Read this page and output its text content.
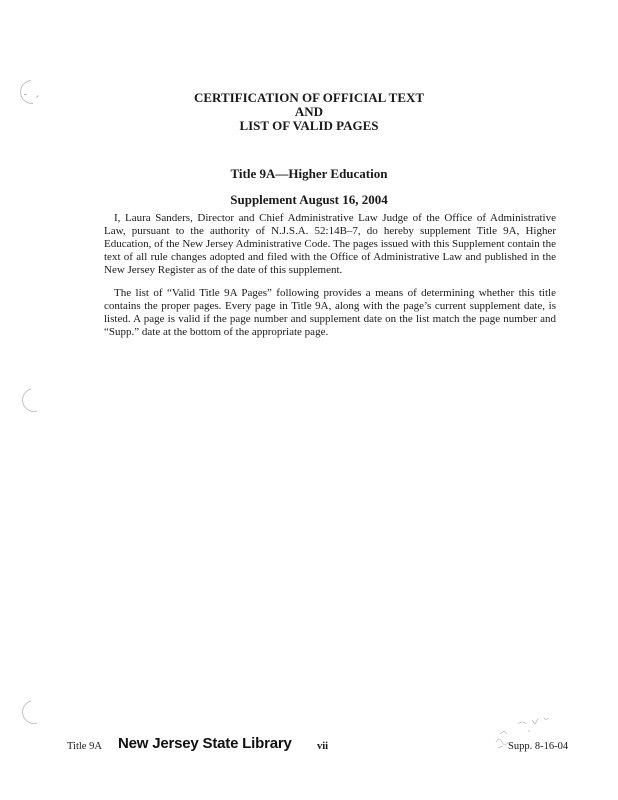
CERTIFICATION OF OFFICIAL TEXT
AND
LIST OF VALID PAGES
Title 9A—Higher Education
Supplement August 16, 2004

I, Laura Sanders, Director and Chief Administrative Law Judge of the Office of Administrative Law, pursuant to the authority of N.J.S.A. 52:14B–7, do hereby supplement Title 9A, Higher Education, of the New Jersey Administrative Code. The pages issued with this Supplement contain the text of all rule changes adopted and filed with the Office of Administrative Law and published in the New Jersey Register as of the date of this supplement.

The list of “Valid Title 9A Pages” following provides a means of determining whether this title contains the proper pages. Every page in Title 9A, along with the page’s current supplement date, is listed. A page is valid if the page number and supplement date on the list match the page number and “Supp.” date at the bottom of the appropriate page.

Title 9A New Jersey State Library vii	Supp. 8-16-04
